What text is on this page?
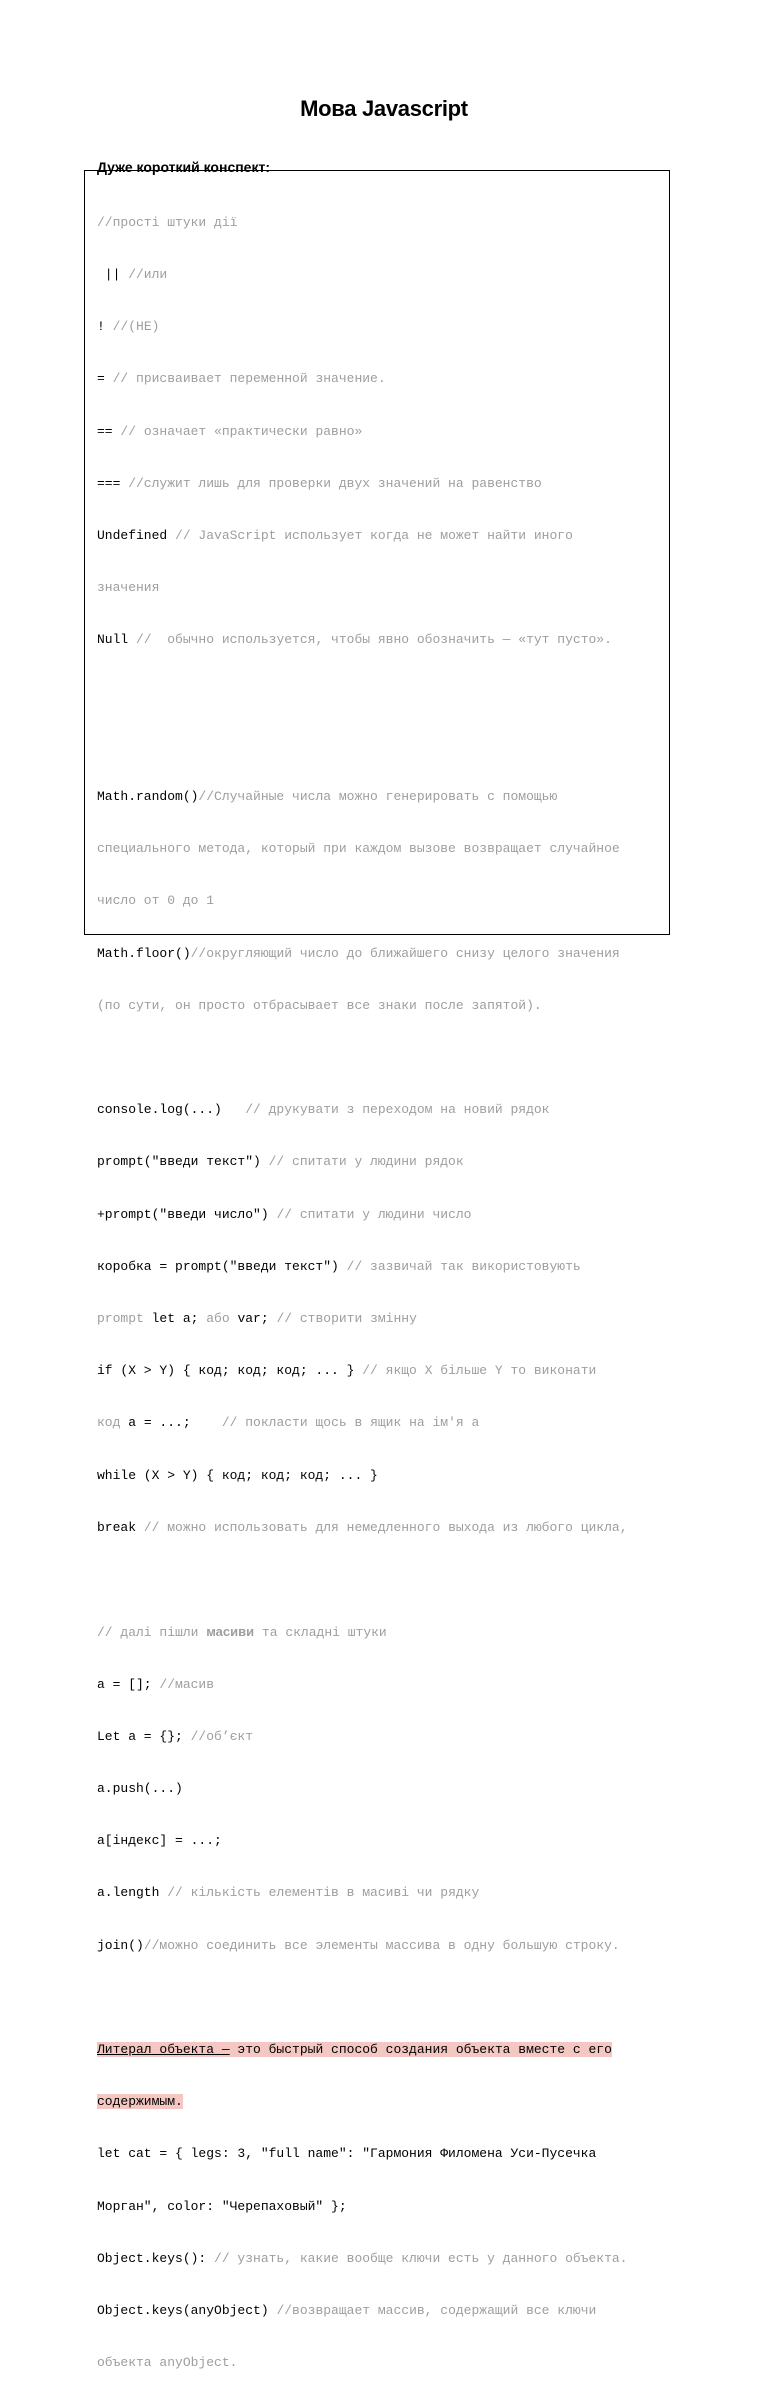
Мова Javascript
Дуже короткий конспект:

//прості штуки дії

|| //или

! //(НЕ)

= // присваивает переменной значение.

== // означает «практически равно»

=== //служит лишь для проверки двух значений на равенство

Undefined // JavaScript использует когда не может найти иного

значения

Null //  обычно используется, чтобы явно обозначить — «тут пусто».

Math.random()//Случайные числа можно генерировать с помощью

специального метода, который при каждом вызове возвращает случайное

число от 0 до 1

Math.floor()//округляющий число до ближайшего снизу целого значения

(по сути, он просто отбрасывает все знаки после запятой).

console.log(...)   // друкувати з переходом на новий рядок

prompt("введи текст") // спитати у людини рядок

+prompt("введи число") // спитати у людини число

коробка = prompt("введи текст") // зазвичай так використовують

prompt let a; або var; // створити змінну

if (X > Y) { код; код; код; ... } // якщо X більше Y то виконати

код a = ...;    // покласти щось в ящик на ім'я a

while (X > Y) { код; код; код; ... }

break // можно использовать для немедленного выхода из любого цикла,

// далі пішли масиви та складні штуки

a = []; //масив

Let a = {}; //об’єкт

a.push(...)

a[індекс] = ...;

a.length // кількість елементів в масиві чи рядку

join()//можно соединить все элементы массива в одну большую строку.

Литерал объекта — это быстрый способ создания объекта вместе с его

содержимым.

let cat = { legs: 3, "full name": "Гармония Филомена Уси-Пусечка

Морган", color: "Черепаховый" };

Object.keys(): // узнать, какие вообще ключи есть у данного объекта.

Object.keys(anyObject) //возвращает массив, содержащий все ключи

объекта anyObject.
